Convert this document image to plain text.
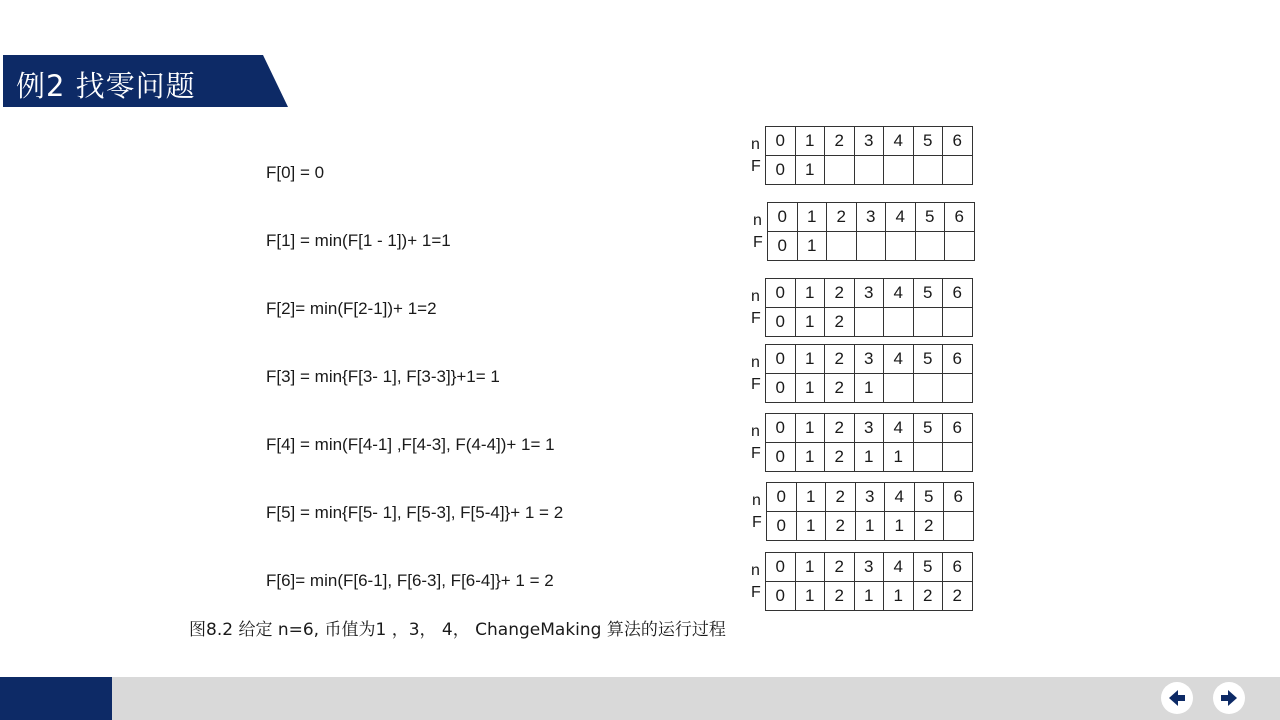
例2 找零问题
F[0] = 0
F[1] = min(F[1 - 1])+ 1=1
F[2]= min(F[2-1])+ 1=2
F[3] = min{F[3- 1], F[3-3]}+1= 1
F[4] = min(F[4-1] ,F[4-3], F(4-4])+ 1= 1
F[5] = min{F[5- 1], F[5-3], F[5-4]}+ 1 = 2
F[6]= min(F[6-1], F[6-3], F[6-4]}+ 1 = 2
n
F
0	1	2	3	4	5	6
0	1					
n
F
0	1	2	3	4	5	6
0	1					
n
F
0	1	2	3	4	5	6
0	1	2				
n
F
0	1	2	3	4	5	6
0	1	2	1			
n
F
0	1	2	3	4	5	6
0	1	2	1	1		
n
F
0	1	2	3	4	5	6
0	1	2	1	1	2	
n
F
0	1	2	3	4	5	6
0	1	2	1	1	2	2
图8.2 给定 n=6, 币值为1 ，3， 4， ChangeMaking 算法的运行过程
